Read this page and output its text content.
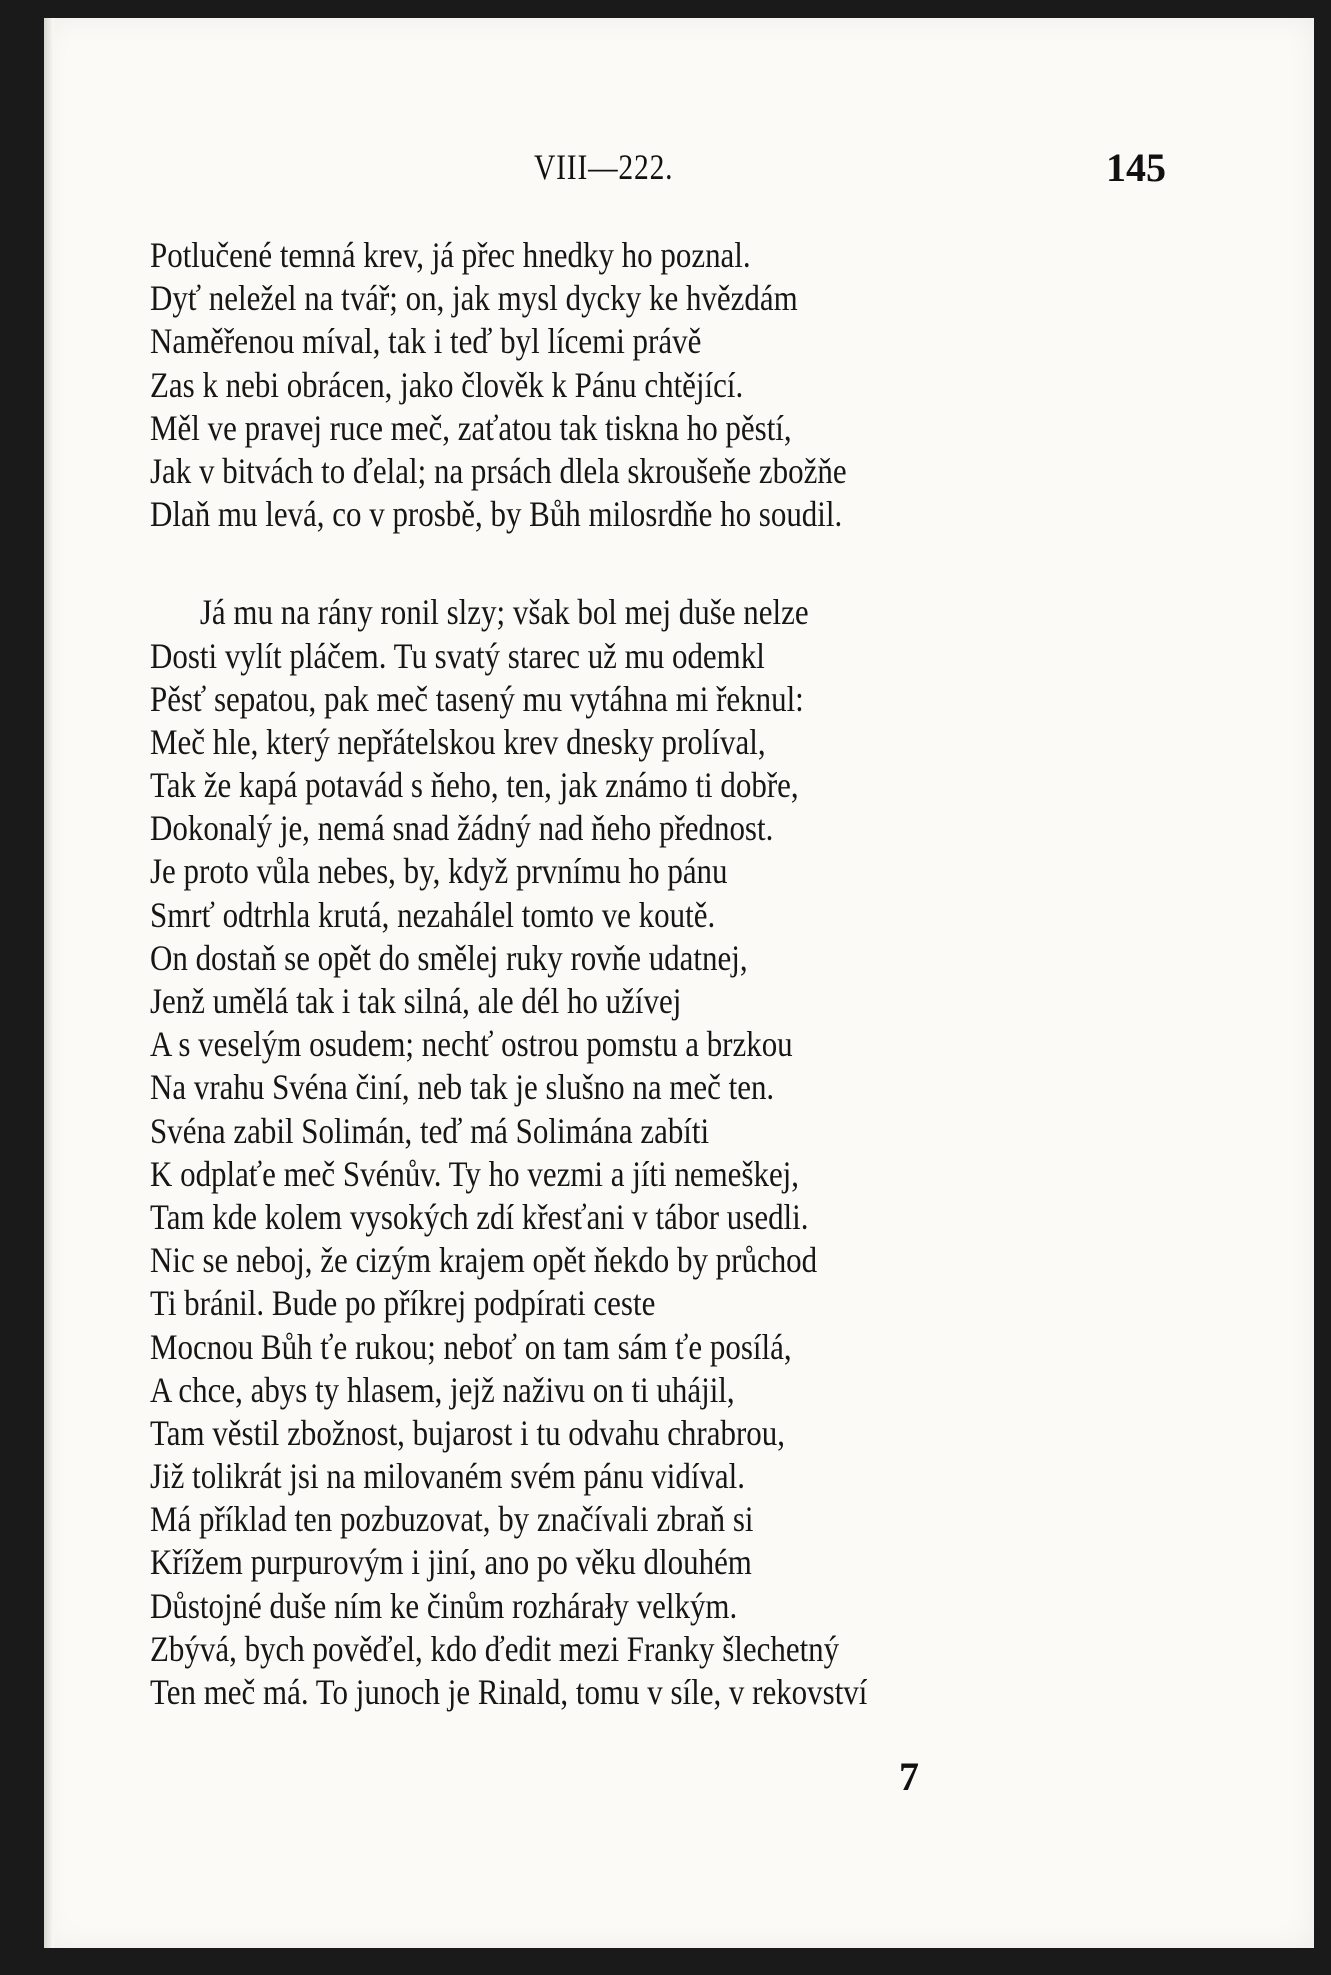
VIII—222.	145
Potlučené temná krev, já přec hnedky ho poznal.
Dyť neležel na tvář; on, jak mysl dycky ke hvězdám
Naměřenou míval, tak i teď byl lícemi právě
Zas k nebi obrácen, jako člověk k Pánu chtějící.
Měl ve pravej ruce meč, zaťatou tak tiskna ho pěstí,
Jak v bitvách to ďelal; na prsách dlela skroušeňe zbožňe
Dlaň mu levá, co v prosbě, by Bůh milosrdňe ho soudil.
Já mu na rány ronil slzy; však bol mej duše nelze
Dosti vylít pláčem. Tu svatý starec už mu odemkl
Pěsť sepatou, pak meč tasený mu vytáhna mi řeknul:
Meč hle, který nepřátelskou krev dnesky prolíval,
Tak že kapá potavád s ňeho, ten, jak známo ti dobře,
Dokonalý je, nemá snad žádný nad ňeho přednost.
Je proto vůla nebes, by, když prvnímu ho pánu
Smrť odtrhla krutá, nezahálel tomto ve koutě.
On dostaň se opět do smělej ruky rovňe udatnej,
Jenž umělá tak i tak silná, ale dél ho užívej
A s veselým osudem; nechť ostrou pomstu a brzkou
Na vrahu Svéna činí, neb tak je slušno na meč ten.
Svéna zabil Solimán, teď má Solimána zabíti
K odplaťe meč Svénův. Ty ho vezmi a jíti nemeškej,
Tam kde kolem vysokých zdí křesťani v tábor usedli.
Nic se neboj, že cizým krajem opět ňekdo by průchod
Ti bránil. Bude po příkrej podpírati ceste
Mocnou Bůh ťe rukou; neboť on tam sám ťe posílá,
A chce, abys ty hlasem, jejž naživu on ti uhájil,
Tam věstil zbožnost, bujarost i tu odvahu chrabrou,
Již tolikrát jsi na milovaném svém pánu vidíval.
Má příklad ten pozbuzovat, by značívali zbraň si
Křížem purpurovým i jiní, ano po věku dlouhém
Důstojné duše ním ke činům rozhárały velkým.
Zbývá, bych pověďel, kdo ďedit mezi Franky šlechetný
Ten meč má. To junoch je Rinald, tomu v síle, v rekovství
7
